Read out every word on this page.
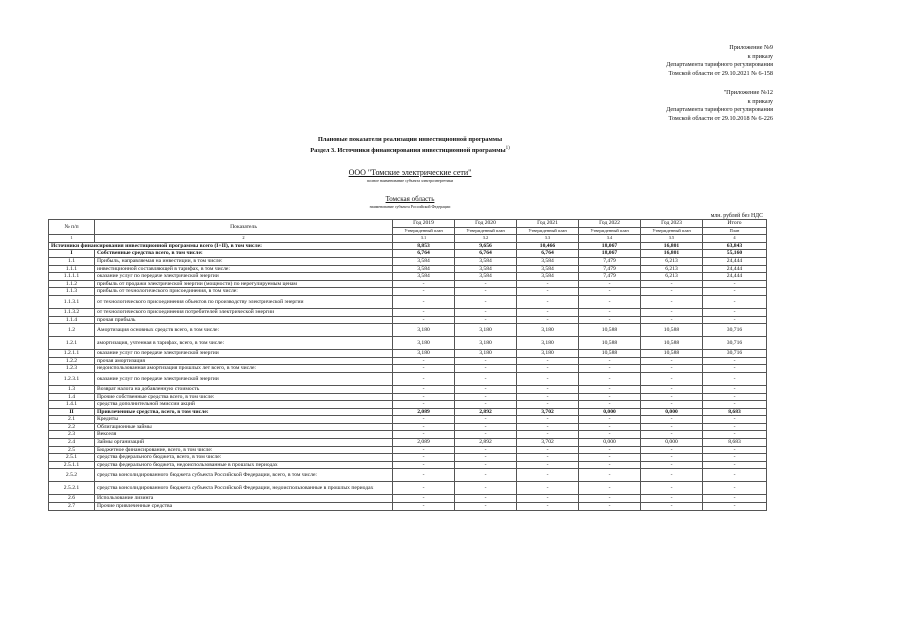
Приложение №9
к приказу
Департамента тарифного регулирования
Томской области от 29.10.2021 № 6-158
"Приложение №12
к приказу
Департамента тарифного регулирования
Томской области от 29.10.2018 № 6-226
Плановые показатели реализации инвестиционной программы
Раздел 3. Источники финансирования инвестиционной программы$^{1)}$
ООО "Томские электрические сети"
полное наименование субъекта электроэнергетики
Томская область
наименование субъекта Российской Федерации
млн. рублей без НДС
№ п/п	Показатель	Год 2019	Год 2020	Год 2021	Год 2022	Год 2023	Итого
		Утвержденный план	Утвержденный план	Утвержденный план	Утвержденный план	Утвержденный план	План
1	2	3.1	3.2	3.3	3.4	3.5	4
Источники финансирования инвестиционной программы всего (I+II), в том числе:		8,853	9,656	10,466	18,067	16,801	63,843
I	Собственные средства всего, в том числе:	6,764	6,764	6,764	18,067	16,801	55,160
1.1	Прибыль, направляемая на инвестиции, в том числе:	3,584	3,584	3,584	7,479	6,213	24,444
1.1.1	инвестиционной составляющей в тарифах, в том числе:	3,584	3,584	3,584	7,479	6,213	24,444
1.1.1.1	оказание услуг по передаче электрической энергии	3,584	3,584	3,584	7,479	6,213	24,444
1.1.2	прибыль от продажи электрической энергии (мощности) по нерегулируемым ценам	-	-	-	-	-	-
1.1.3	прибыль от технологического присоединения, в том числе:	-	-	-	-	-	-
1.1.3.1	от технологического присоединения объектов по производству электрической энергии	-	-	-	-	-	-
1.1.3.2	от технологического присоединения потребителей электрической энергии	-	-	-	-	-	-
1.1.4	прочая прибыль	-	-	-	-	-	-
1.2	Амортизация основных средств всего, в том числе:	3,180	3,180	3,180	10,588	10,588	30,716
1.2.1	амортизация, учтенная в тарифах, всего, в том числе:	3,180	3,180	3,180	10,588	10,588	30,716
1.2.1.1	оказание услуг по передаче электрической энергии	3,180	3,180	3,180	10,588	10,588	30,716
1.2.2	прочая амортизация	-	-	-	-	-	-
1.2.3	недоиспользованная амортизация прошлых лет всего, в том числе:	-	-	-	-	-	-
1.2.3.1	оказание услуг по передаче электрической энергии	-	-	-	-	-	-
1.3	Возврат налога на добавленную стоимость	-	-	-	-	-	-
1.4	Прочие собственные средства всего, в том числе:	-	-	-	-	-	-
1.4.1	средства дополнительной эмиссии акций	-	-	-	-	-	-
II	Привлеченные средства, всего, в том числе:	2,089	2,892	3,702	0,000	0,000	8,683
2.1	Кредиты	-	-	-	-	-	-
2.2	Облигационные займы	-	-	-	-	-	-
2.3	Векселя	-	-	-	-	-	-
2.4	Займы организаций	2,089	2,892	3,702	0,000	0,000	8,683
2.5	Бюджетное финансирование, всего, в том числе:	-	-	-	-	-	-
2.5.1	средства федерального бюджета, всего, в том числе:	-	-	-	-	-	-
2.5.1.1	средства федерального бюджета, недоиспользованные в прошлых периодах	-	-	-	-	-	-
2.5.2	средства консолидированного бюджета субъекта Российской Федерации, всего, в том числе:	-	-	-	-	-	-
2.5.2.1	средства консолидированного бюджета субъекта Российской Федерации, недоиспользованные в прошлых периодах	-	-	-	-	-	-
2.6	Использование лизинга	-	-	-	-	-	-
2.7	Прочие привлеченные средства	-	-	-	-	-	-
